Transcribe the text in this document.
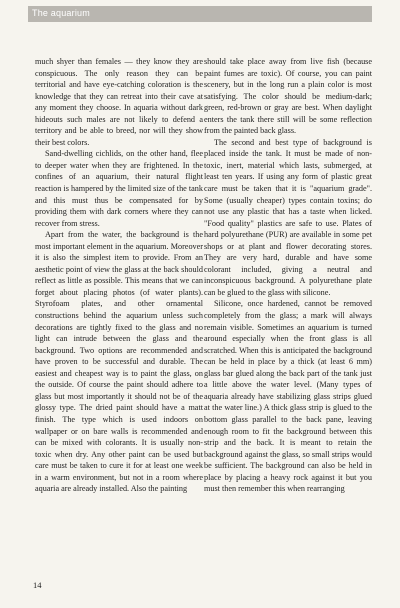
The aquarium

much shyer than females — they know they are conspicuous. The only reason they can be territorial and have eye-catching coloration is the knowledge that they can retreat into their cave at any moment they choose. In aquaria without dark hideouts such males are not likely to defend a territory and be able to breed, nor will they show their best colors.

Sand-dwelling cichlids, on the other hand, flee to deeper water when they are frightened. In the confines of an aquarium, their natural flight reaction is hampered by the limited size of the tank and this must thus be compensated for by providing them with dark corners where they can recover from stress.

Apart from the water, the background is the most important element in the aquarium. Moreover it is also the simplest item to provide. From an aesthetic point of view the glass at the back should reflect as little as possible. This means that we can forget about placing photos (of water plants). Styrofoam plates, and other ornamental constructions behind the aquarium unless such decorations are tightly fixed to the glass and no light can intrude between the glass and the background. Two options are recommended and have proven to be successful and durable. The easiest and cheapest way is to paint the glass, on the outside. Of course the paint should adhere to glass but most importantly it should not be of the glossy type. The dried paint should have a matt finish. The type which is used indoors on wallpaper or on bare walls is recommended and can be mixed with colorants. It is usually non-toxic when dry. Any other paint can be used but care must be taken to cure it for at least one week in a warm environment, but not in a room where aquaria are already installed. Also the painting

should take place away from live fish (because paint fumes are toxic). Of course, you can paint scenery, but in the long run a plain color is most satisfying. The color should be medium-dark; green, red-brown or gray are best. When daylight enters the tank there still will be some reflection from the painted back glass.

The second and best type of background is placed inside the tank. It must be made of non-toxic, inert, material which lasts, submerged, at least ten years. If using any form of plastic great care must be taken that it is "aquarium grade". Some (usually cheaper) types contain toxins; do not use any plastic that has a taste when licked. "Food quality" plastics are safe to use. Plates of hard polyurethane (PUR) are available in some pet shops or at plant and flower decorating stores. They are very hard, durable and have some colorant included, giving a neutral and inconspicuous background. A polyurethane plate can be glued to the glass with silicone.

Silicone, once hardened, cannot be removed completely from the glass; a mark will always remain visible. Sometimes an aquarium is turned around especially when the front glass is all scratched. When this is anticipated the background can be held in place by a thick (at least 6 mm) glass bar glued along the back part of the tank just a little above the water level. (Many types of aquaria already have stabilizing glass strips glued at the water line.) A thick glass strip is glued to the bottom glass parallel to the back pane, leaving enough room to fit the background between this strip and the back. It is meant to retain the background against the glass, so small strips would be sufficient. The background can also be held in place by placing a heavy rock against it but you must then remember this when rearranging

14
